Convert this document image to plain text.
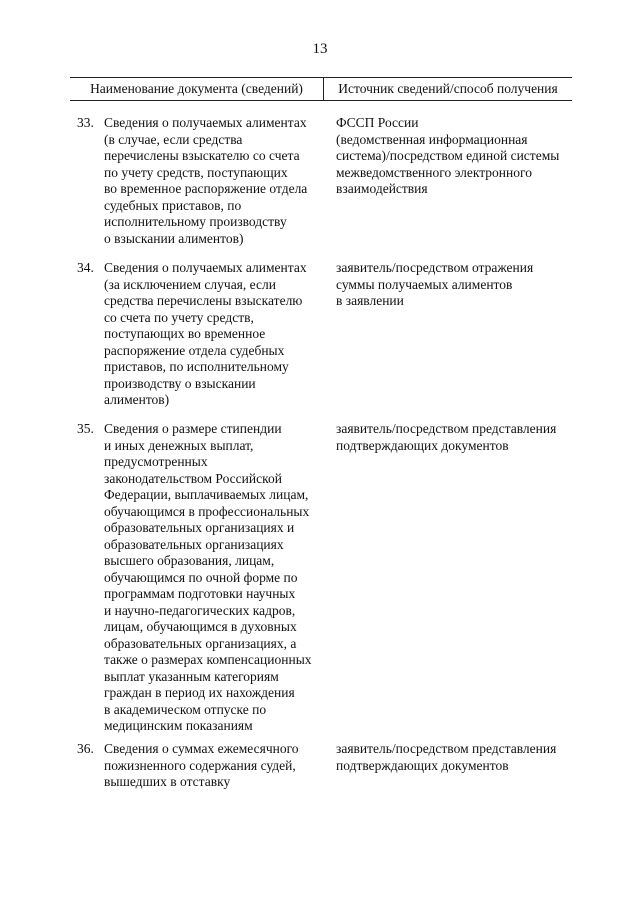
13
Наименование документа (сведений)	Источник сведений/способ получения
33. Сведения о получаемых алиментах
(в случае, если средства
перечислены взыскателю со счета
по учету средств, поступающих
во временное распоряжение отдела
судебных приставов, по
исполнительному производству
о взыскании алиментов)
ФССП России
(ведомственная информационная
система)/посредством единой системы
межведомственного электронного
взаимодействия
34. Сведения о получаемых алиментах
(за исключением случая, если
средства перечислены взыскателю
со счета по учету средств,
поступающих во временное
распоряжение отдела судебных
приставов, по исполнительному
производству о взыскании
алиментов)
заявитель/посредством отражения
суммы получаемых алиментов
в заявлении
35. Сведения о размере стипендии
и иных денежных выплат,
предусмотренных
законодательством Российской
Федерации, выплачиваемых лицам,
обучающимся в профессиональных
образовательных организациях и
образовательных организациях
высшего образования, лицам,
обучающимся по очной форме по
программам подготовки научных
и научно-педагогических кадров,
лицам, обучающимся в духовных
образовательных организациях, а
также о размерах компенсационных
выплат указанным категориям
граждан в период их нахождения
в академическом отпуске по
медицинским показаниям
заявитель/посредством представления
подтверждающих документов
36. Сведения о суммах ежемесячного
пожизненного содержания судей,
вышедших в отставку
заявитель/посредством представления
подтверждающих документов
